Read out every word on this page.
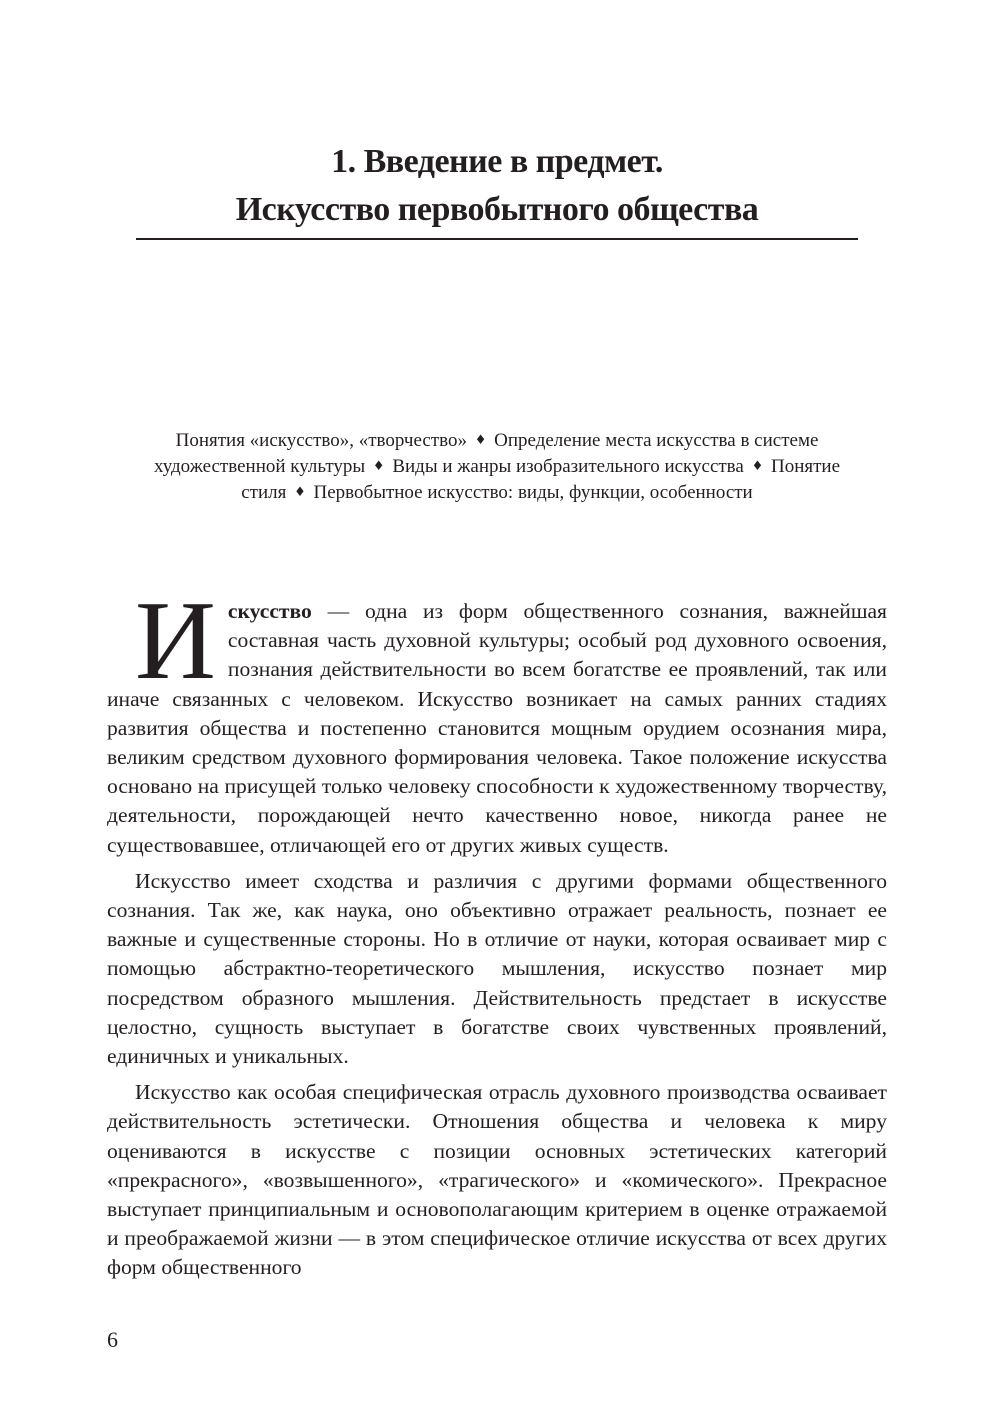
1. Введение в предмет.
Искусство первобытного общества

Понятия «искусство», «творчество» ♦ Определение места искусства в системе художественной культуры ♦ Виды и жанры изобразительного искусства ♦ Понятие стиля ♦ Первобытное искусство: виды, функции, особенности

Искусство — одна из форм общественного сознания, важнейшая составная часть духовной культуры; особый род духовного освоения, познания действительности во всем богатстве ее проявлений, так или иначе связанных с человеком. Искусство возникает на самых ранних стадиях развития общества и постепенно становится мощным орудием осознания мира, великим средством духовного формирования человека. Такое положение искусства основано на присущей только человеку способности к художественному творчеству, деятельности, порождающей нечто качественно новое, никогда ранее не существовавшее, отличающей его от других живых существ.

Искусство имеет сходства и различия с другими формами общественного сознания. Так же, как наука, оно объективно отражает реальность, познает ее важные и существенные стороны. Но в отличие от науки, которая осваивает мир с помощью абстрактно-теоретического мышления, искусство познает мир посредством образного мышления. Действительность предстает в искусстве целостно, сущность выступает в богатстве своих чувственных проявлений, единичных и уникальных.

Искусство как особая специфическая отрасль духовного производства осваивает действительность эстетически. Отношения общества и человека к миру оцениваются в искусстве с позиции основных эстетических категорий «прекрасного», «возвышенного», «трагического» и «комического». Прекрасное выступает принципиальным и основополагающим критерием в оценке отражаемой и преображаемой жизни — в этом специфическое отличие искусства от всех других форм общественного

6
